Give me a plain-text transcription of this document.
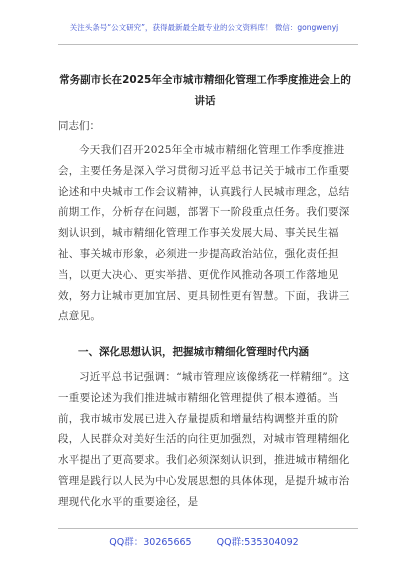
关注头条号“公文研究”，获得最新最全最专业的公文资料库！ 微信：gongwenyj
常务副市长在2025年全市城市精细化管理工作季度推进会上的讲话
同志们：
今天我们召开2025年全市城市精细化管理工作季度推进会，主要任务是深入学习贯彻习近平总书记关于城市工作重要论述和中央城市工作会议精神，认真践行人民城市理念，总结前期工作，分析存在问题，部署下一阶段重点任务。我们要深刻认识到，城市精细化管理工作事关发展大局、事关民生福祉、事关城市形象，必须进一步提高政治站位，强化责任担当，以更大决心、更实举措、更优作风推动各项工作落地见效，努力让城市更加宜居、更具韧性更有智慧。下面，我讲三点意见。
一、深化思想认识，把握城市精细化管理时代内涵
习近平总书记强调：“城市管理应该像绣花一样精细”。这一重要论述为我们推进城市精细化管理提供了根本遵循。当前，我市城市发展已进入存量提质和增量结构调整并重的阶段，人民群众对美好生活的向往更加强烈，对城市管理精细化水平提出了更高要求。我们必须深刻认识到，推进城市精细化管理是践行以人民为中心发展思想的具体体现，是提升城市治理现代化水平的重要途径，是
QQ群：30265665	QQ群:535304092
